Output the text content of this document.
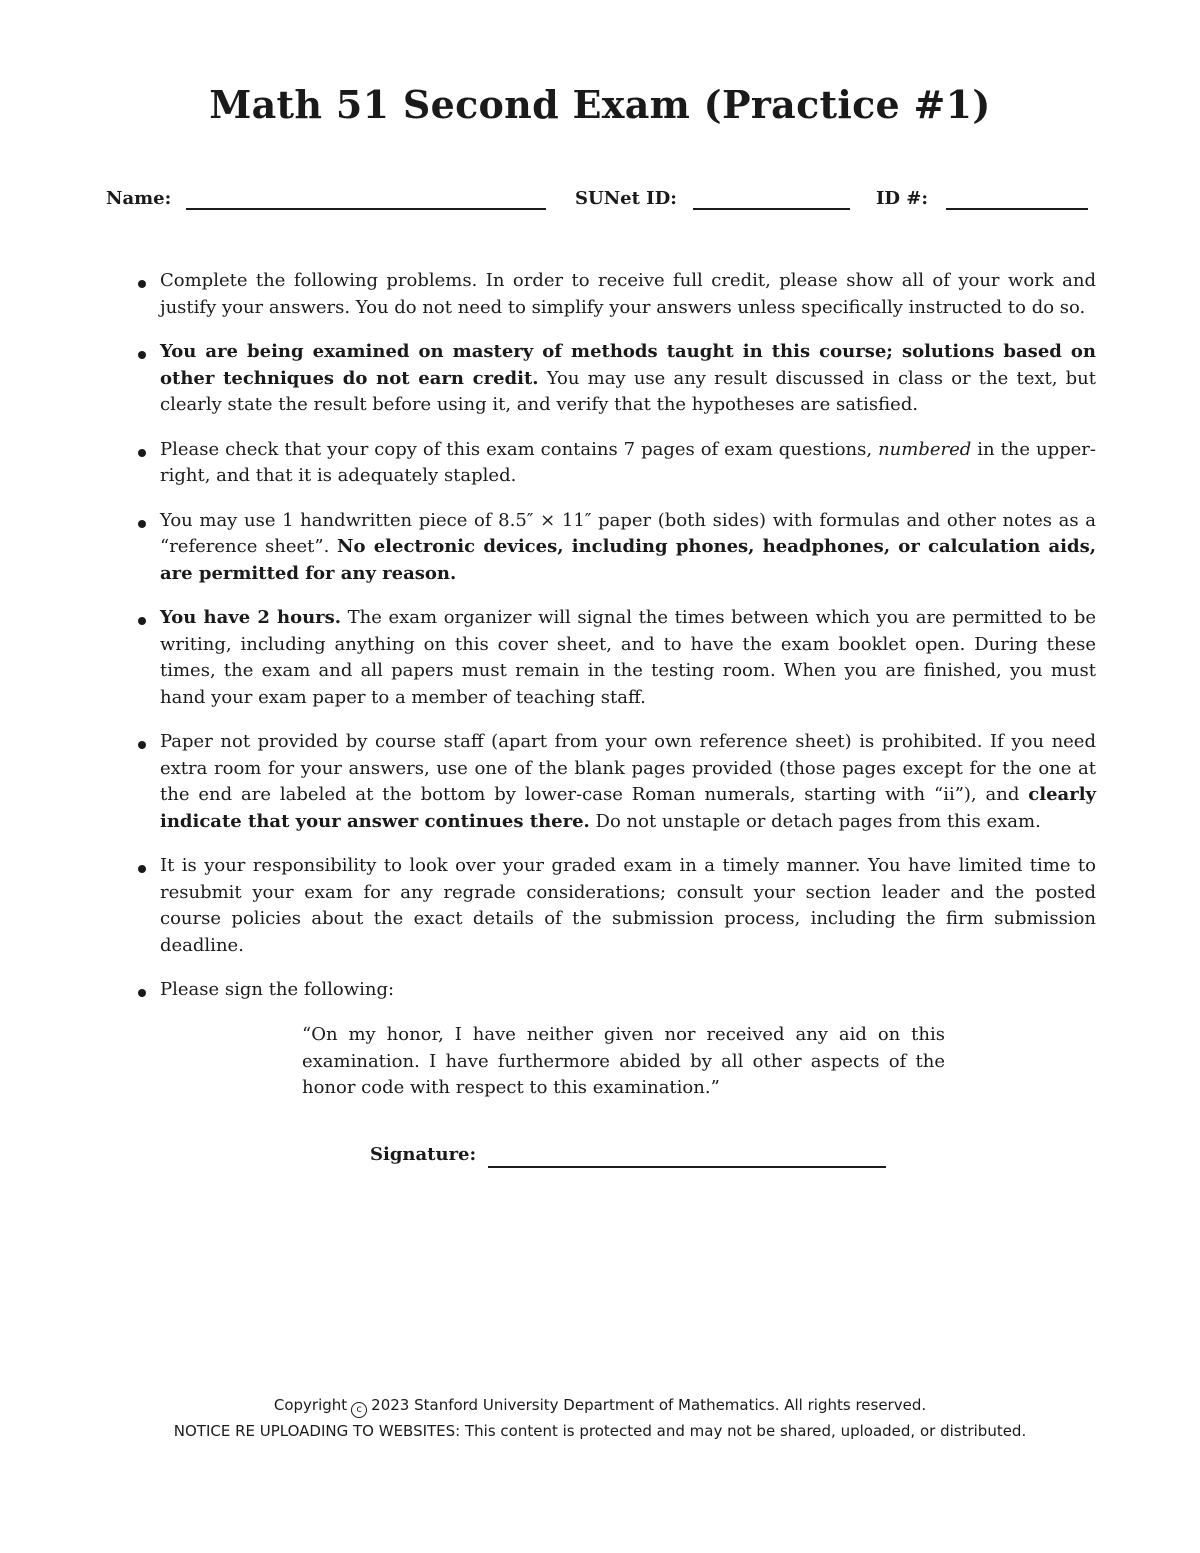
Math 51 Second Exam (Practice #1)
Name:	SUNet ID:	ID #:
Complete the following problems. In order to receive full credit, please show all of your work and justify your answers. You do not need to simplify your answers unless specifically instructed to do so.
You are being examined on mastery of methods taught in this course; solutions based on other techniques do not earn credit. You may use any result discussed in class or the text, but clearly state the result before using it, and verify that the hypotheses are satisfied.
Please check that your copy of this exam contains 7 pages of exam questions, numbered in the upper-right, and that it is adequately stapled.
You may use 1 handwritten piece of 8.5″ × 11″ paper (both sides) with formulas and other notes as a “reference sheet”. No electronic devices, including phones, headphones, or calculation aids, are permitted for any reason.
You have 2 hours. The exam organizer will signal the times between which you are permitted to be writing, including anything on this cover sheet, and to have the exam booklet open. During these times, the exam and all papers must remain in the testing room. When you are finished, you must hand your exam paper to a member of teaching staff.
Paper not provided by course staff (apart from your own reference sheet) is prohibited. If you need extra room for your answers, use one of the blank pages provided (those pages except for the one at the end are labeled at the bottom by lower-case Roman numerals, starting with “ii”), and clearly indicate that your answer continues there. Do not unstaple or detach pages from this exam.
It is your responsibility to look over your graded exam in a timely manner. You have limited time to resubmit your exam for any regrade considerations; consult your section leader and the posted course policies about the exact details of the submission process, including the firm submission deadline.
Please sign the following:
“On my honor, I have neither given nor received any aid on this examination. I have furthermore abided by all other aspects of the honor code with respect to this examination.”
Signature:
Copyright c 2023 Stanford University Department of Mathematics. All rights reserved.
NOTICE RE UPLOADING TO WEBSITES: This content is protected and may not be shared, uploaded, or distributed.
